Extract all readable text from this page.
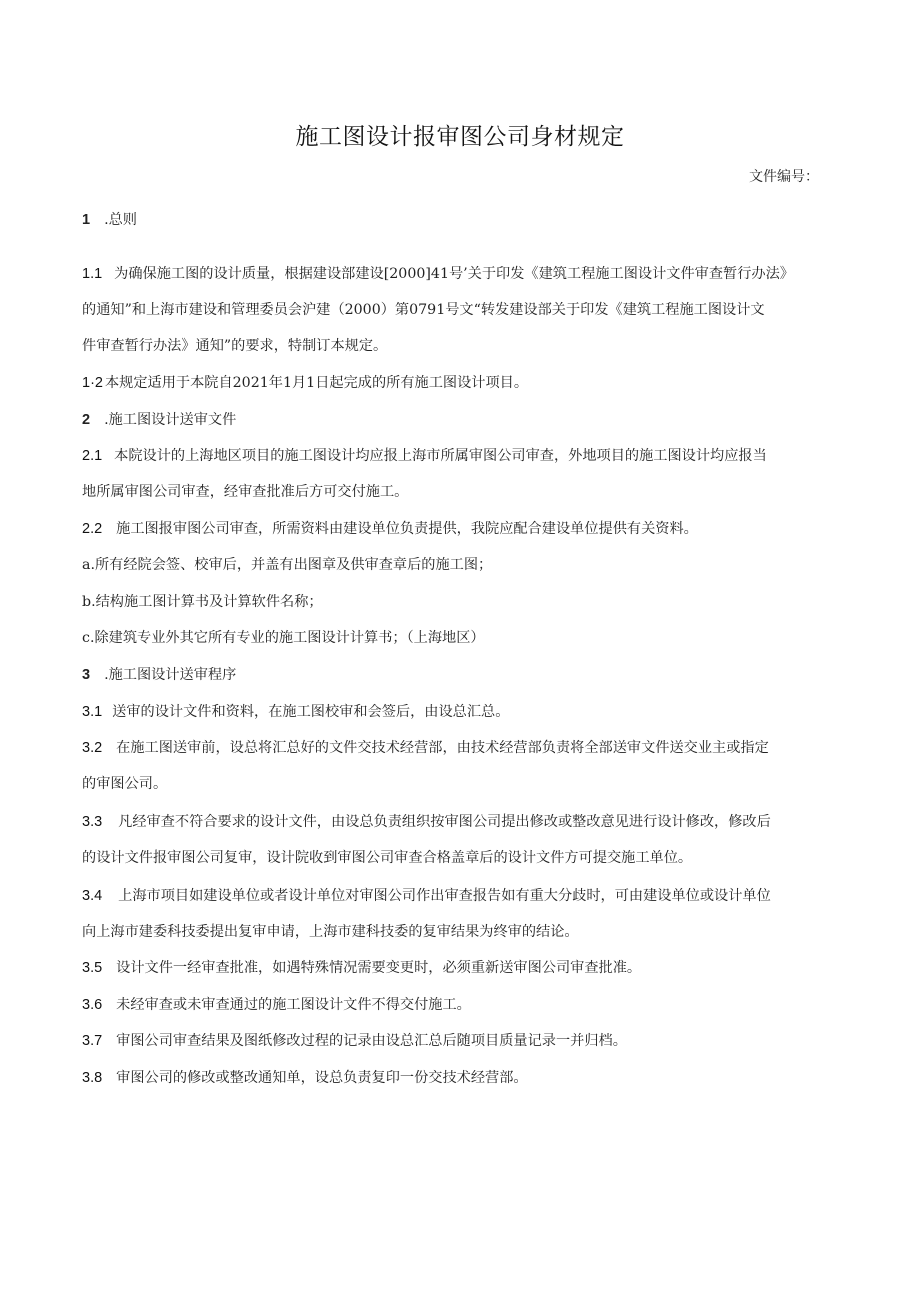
施工图设计报审图公司身材规定
文件编号：
1 .总则
1.1 为确保施工图的设计质量，根据建设部建设[2000]41号’关于印发《建筑工程施工图设计文件审查暂行办法》
的通知”和上海市建设和管理委员会沪建（2000）第0791号文“转发建设部关于印发《建筑工程施工图设计文
件审查暂行办法》通知”的要求，特制订本规定。
1·2 本规定适用于本院自2021年1月1日起完成的所有施工图设计项目。
2 .施工图设计送审文件
2.1 本院设计的上海地区项目的施工图设计均应报上海市所属审图公司审查，外地项目的施工图设计均应报当
地所属审图公司审查，经审查批准后方可交付施工。
2.2 施工图报审图公司审查，所需资料由建设单位负责提供，我院应配合建设单位提供有关资料。
a.所有经院会签、校审后，并盖有出图章及供审查章后的施工图；
b.结构施工图计算书及计算软件名称；
c.除建筑专业外其它所有专业的施工图设计计算书；（上海地区）
3 .施工图设计送审程序
3.1 送审的设计文件和资料，在施工图校审和会签后，由设总汇总。
3.2 在施工图送审前，设总将汇总好的文件交技术经营部，由技术经营部负责将全部送审文件送交业主或指定
的审图公司。
3.3 凡经审查不符合要求的设计文件，由设总负责组织按审图公司提出修改或整改意见进行设计修改，修改后
的设计文件报审图公司复审，设计院收到审图公司审查合格盖章后的设计文件方可提交施工单位。
3.4 上海市项目如建设单位或者设计单位对审图公司作出审查报告如有重大分歧时，可由建设单位或设计单位
向上海市建委科技委提出复审申请，上海市建科技委的复审结果为终审的结论。
3.5 设计文件一经审查批准，如遇特殊情况需要变更时，必须重新送审图公司审查批准。
3.6 未经审查或未审查通过的施工图设计文件不得交付施工。
3.7 审图公司审查结果及图纸修改过程的记录由设总汇总后随项目质量记录一并归档。
3.8 审图公司的修改或整改通知单，设总负责复印一份交技术经营部。
